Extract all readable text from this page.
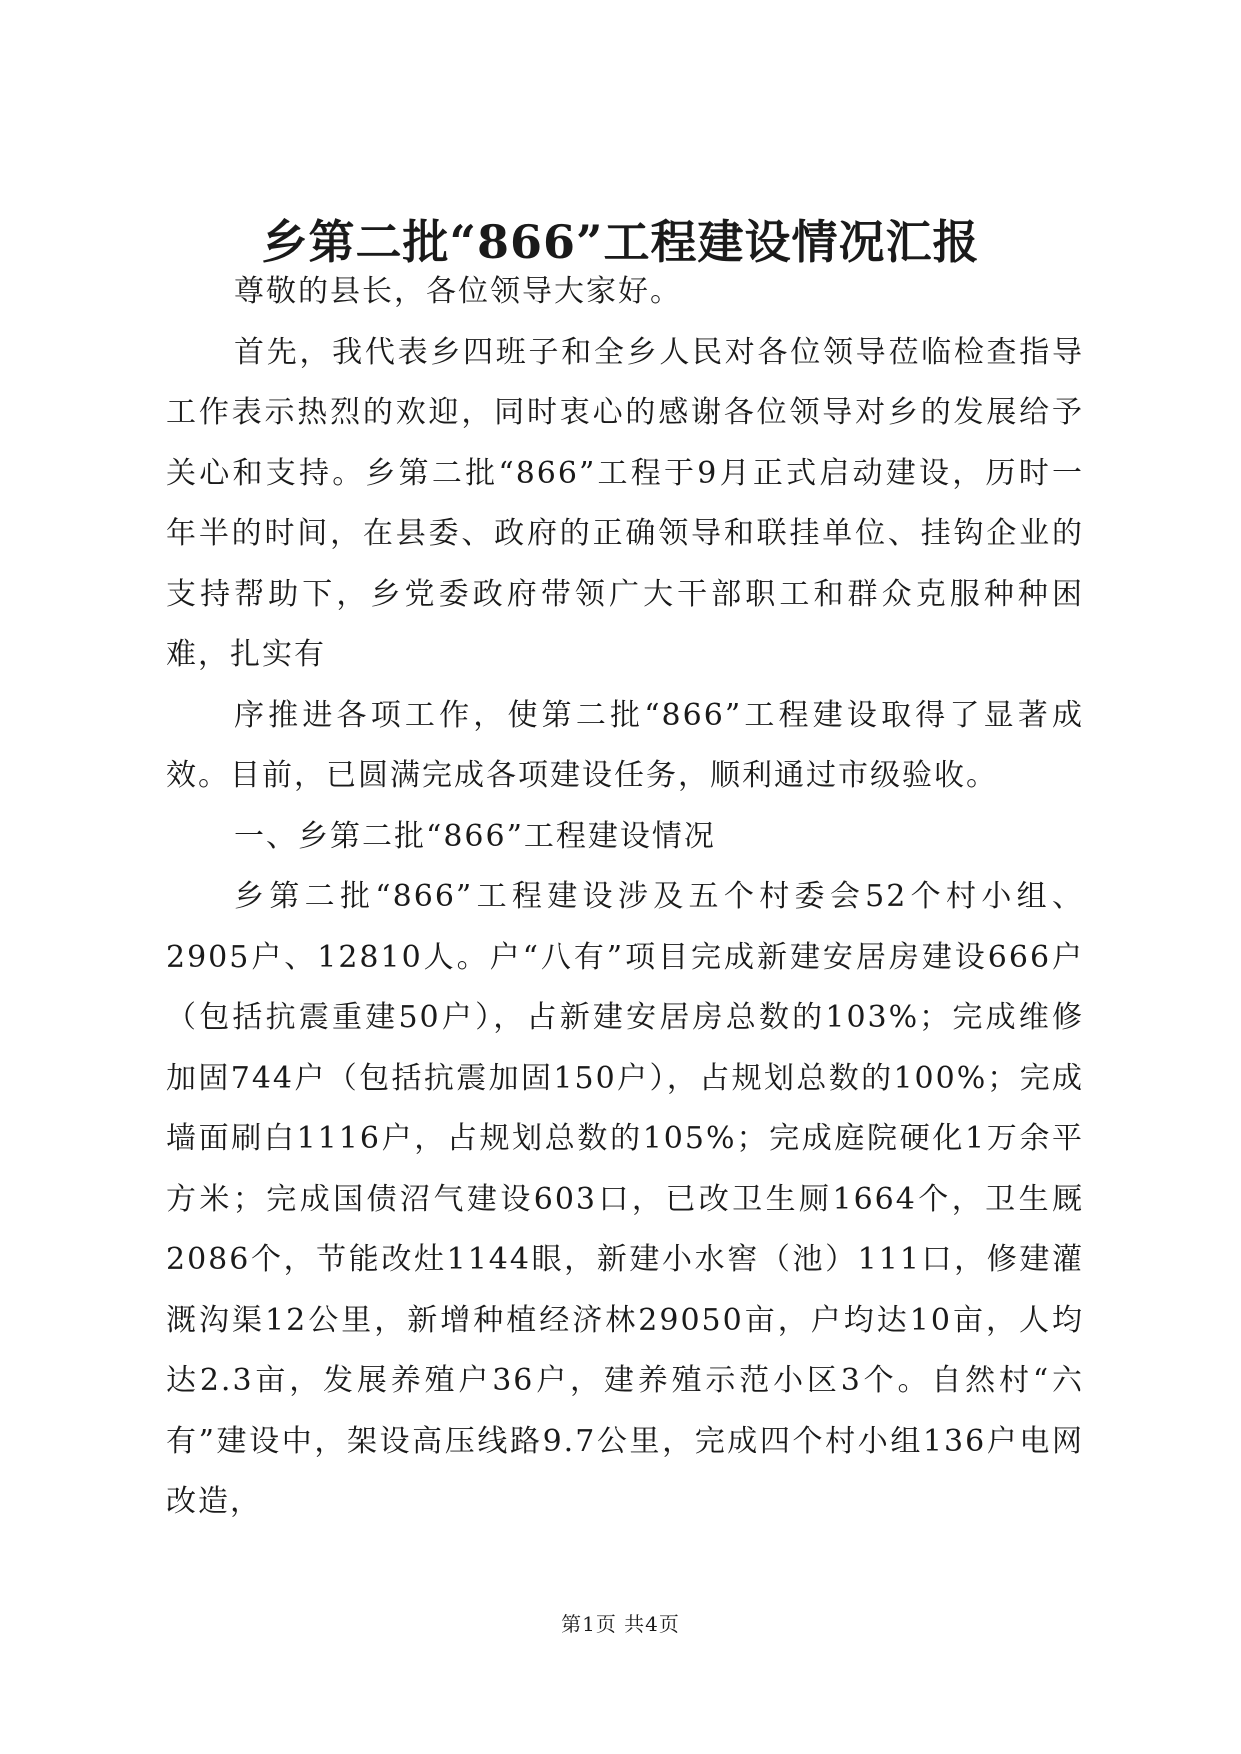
乡第二批“866”工程建设情况汇报

尊敬的县长，各位领导大家好。

首先，我代表乡四班子和全乡人民对各位领导莅临检查指导工作表示热烈的欢迎，同时衷心的感谢各位领导对乡的发展给予关心和支持。乡第二批“866”工程于9月正式启动建设，历时一年半的时间，在县委、政府的正确领导和联挂单位、挂钩企业的支持帮助下，乡党委政府带领广大干部职工和群众克服种种困难，扎实有

序推进各项工作，使第二批“866”工程建设取得了显著成效。目前，已圆满完成各项建设任务，顺利通过市级验收。

一、乡第二批“866”工程建设情况

乡第二批“866”工程建设涉及五个村委会52个村小组、2905户、12810人。户“八有”项目完成新建安居房建设666户（包括抗震重建50户），占新建安居房总数的103%；完成维修加固744户（包括抗震加固150户），占规划总数的100%；完成墙面刷白1116户，占规划总数的105%；完成庭院硬化1万余平方米；完成国债沼气建设603口，已改卫生厕1664个，卫生厩2086个，节能改灶1144眼，新建小水窖（池）111口，修建灌溉沟渠12公里，新增种植经济林29050亩，户均达10亩，人均达2.3亩，发展养殖户36户，建养殖示范小区3个。自然村“六有”建设中，架设高压线路9.7公里，完成四个村小组136户电网改造，

第1页 共4页
